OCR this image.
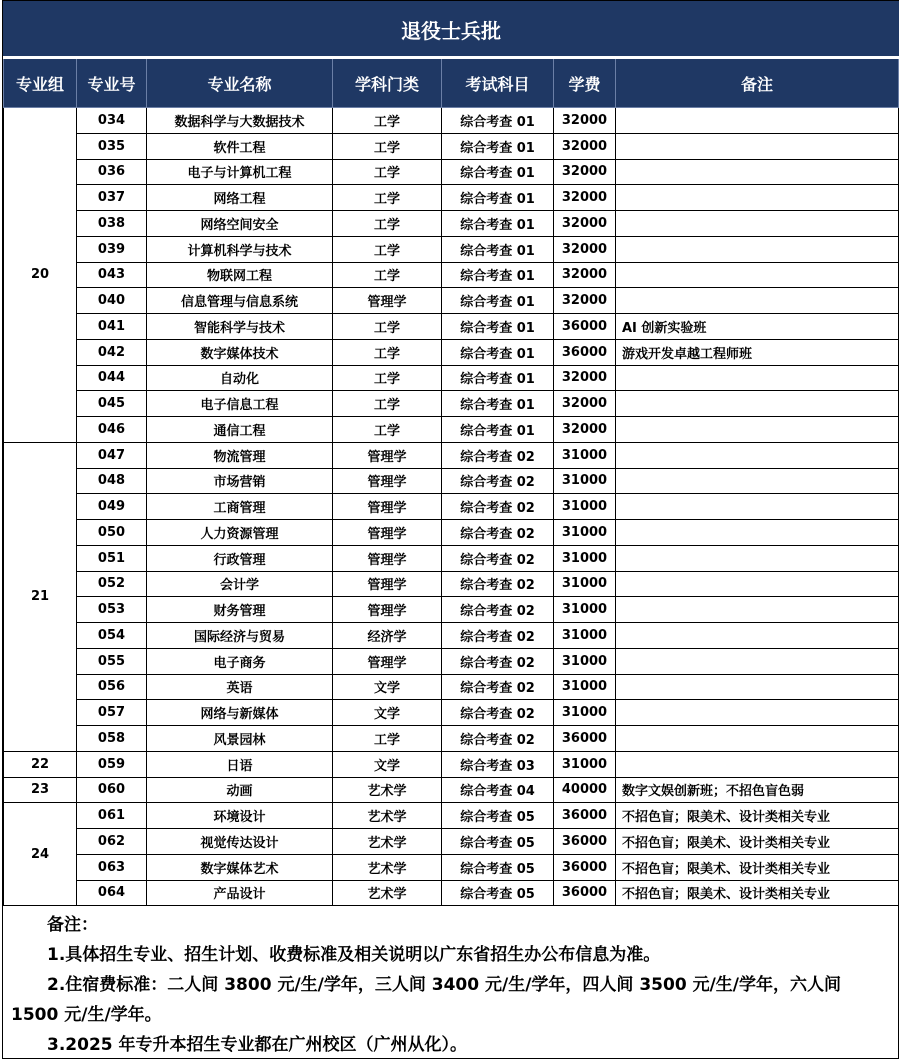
退役士兵批						
专业组	专业号	专业名称	学科门类	考试科目	学费	备注
20	034	数据科学与大数据技术	工学	综合考查 01	32000	
	035	软件工程	工学	综合考查 01	32000	
	036	电子与计算机工程	工学	综合考查 01	32000	
	037	网络工程	工学	综合考查 01	32000	
	038	网络空间安全	工学	综合考查 01	32000	
	039	计算机科学与技术	工学	综合考查 01	32000	
	043	物联网工程	工学	综合考查 01	32000	
	040	信息管理与信息系统	管理学	综合考查 01	32000	
	041	智能科学与技术	工学	综合考查 01	36000	AI 创新实验班
	042	数字媒体技术	工学	综合考查 01	36000	游戏开发卓越工程师班
	044	自动化	工学	综合考查 01	32000	
	045	电子信息工程	工学	综合考查 01	32000	
	046	通信工程	工学	综合考查 01	32000	
21	047	物流管理	管理学	综合考查 02	31000	
	048	市场营销	管理学	综合考查 02	31000	
	049	工商管理	管理学	综合考查 02	31000	
	050	人力资源管理	管理学	综合考查 02	31000	
	051	行政管理	管理学	综合考查 02	31000	
	052	会计学	管理学	综合考查 02	31000	
	053	财务管理	管理学	综合考查 02	31000	
	054	国际经济与贸易	经济学	综合考查 02	31000	
	055	电子商务	管理学	综合考查 02	31000	
	056	英语	文学	综合考查 02	31000	
	057	网络与新媒体	文学	综合考查 02	31000	
	058	风景园林	工学	综合考查 02	36000	
22	059	日语	文学	综合考查 03	31000	
23	060	动画	艺术学	综合考查 04	40000	数字文娱创新班；不招色盲色弱
24	061	环境设计	艺术学	综合考查 05	36000	不招色盲；限美术、设计类相关专业
	062	视觉传达设计	艺术学	综合考查 05	36000	不招色盲；限美术、设计类相关专业
	063	数字媒体艺术	艺术学	综合考查 05	36000	不招色盲；限美术、设计类相关专业
	064	产品设计	艺术学	综合考查 05	36000	不招色盲；限美术、设计类相关专业
备注：
1.具体招生专业、招生计划、收费标准及相关说明以广东省招生办公布信息为准。
2.住宿费标准：二人间 3800 元/生/学年，三人间 3400 元/生/学年，四人间 3500 元/生/学年，六人间 1500 元/生/学年。
3.2025 年专升本招生专业都在广州校区（广州从化）。
